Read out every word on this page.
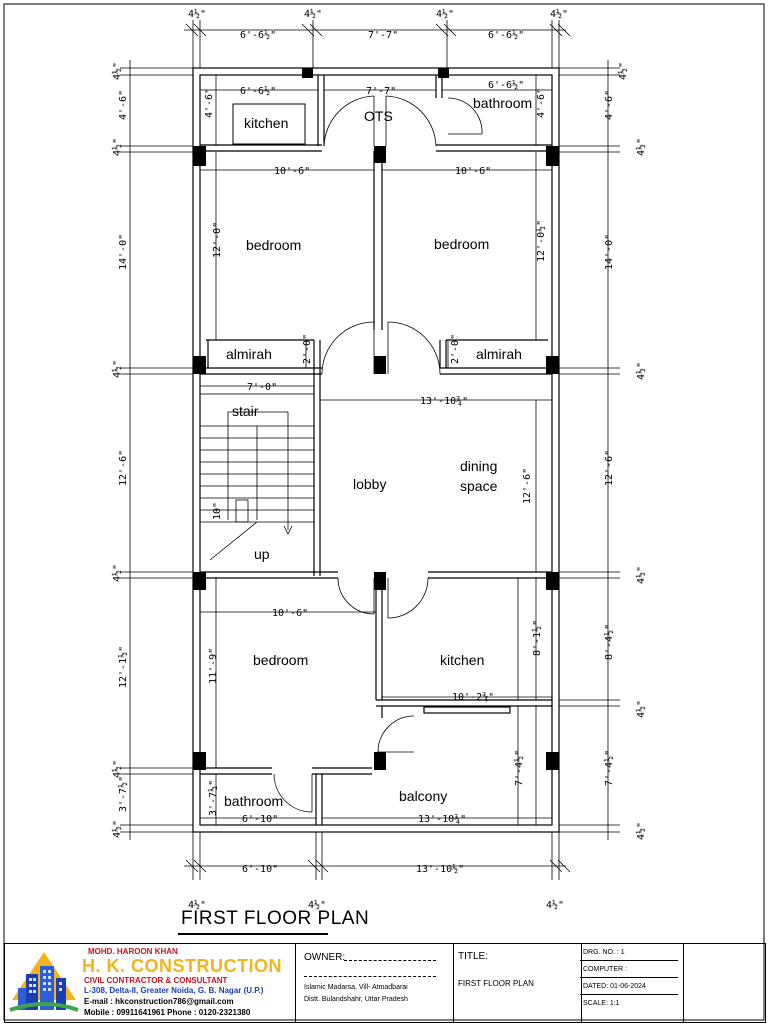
kitchen	OTS
bathroom
bedroom	bedroom
almirah	almirah
stair
up
lobby
dining
space
bedroom	kitchen
bathroom	balcony
4½"	4½"	4½"	4½"
6'-6½"	7'-7"	6'-6½"
6'-6½"	7'-7"
6'-6½"
10'-6"	10'-6"
7'-0"
13'-10¾"
10'-6"
10'-2¾"
6'-10"	13'-10¾"
6'-10"	13'-10½"
4½"	4½"	4½"
4'-6"	4'-6"
12'-0"	12'-0½"
2'-0"	2'-0"
12'-6"
10"
11'-9"
8'-1½"
7'-4½"
3'-7½"
4½"
4'-6"
4½"
14'-0"
4½"
12'-6"
4½"
12'-1½"
4½"
3'-7½"
4½"
4½"
4'-6"
4½"
14'-0"
4½"
12'-6"
4½"
8'-4½"
4½"
7'-4½"
4½"
FIRST FLOOR PLAN
MOHD. HAROON KHAN
H. K. CONSTRUCTION
CIVIL CONTRACTOR & CONSULTANT
L-308, Delta-II, Greater Noida, G. B. Nagar (U.P.)
E-mail : hkconstruction786@gmail.com
Mobile : 09911641961 Phone : 0120-2321380
OWNER:
Islamic Madarsa, Vill- Atmadbarai
Distt. Bulandshahr, Uttar Pradesh
TITLE:
FIRST FLOOR PLAN
DRG. NO. : 1
COMPUTER :
DATED: 01-06-2024
SCALE: 1:1
